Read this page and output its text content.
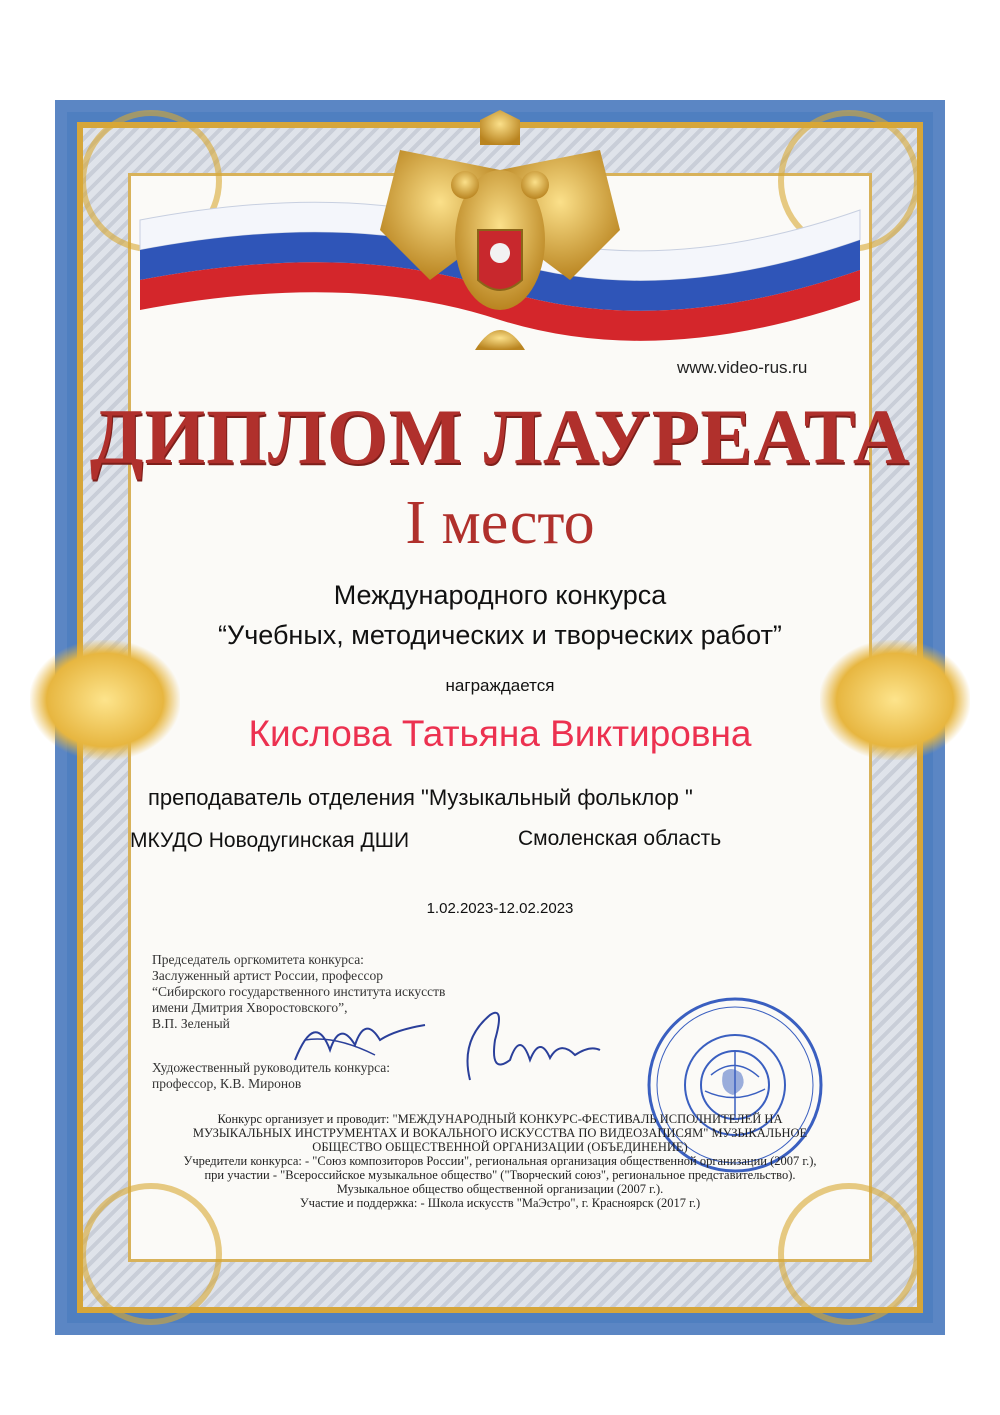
www.video-rus.ru
ДИПЛОМ ЛАУРЕАТА
I место
Международного конкурса
“Учебных, методических и творческих работ”
награждается
Кислова Татьяна Виктировна
преподаватель отделения "Музыкальный фольклор "
МКУДО Новодугинская ДШИ	Смоленская область
1.02.2023-12.02.2023
Председатель оргкомитета конкурса:
Заслуженный артист России, профессор
“Сибирского государственного института искусств
имени Дмитрия Хворостовского”,
В.П. Зеленый
Художественный руководитель конкурса:
профессор, К.В. Миронов
Конкурс организует и проводит: "МЕЖДУНАРОДНЫЙ КОНКУРС-ФЕСТИВАЛЬ ИСПОЛНИТЕЛЕЙ НА
МУЗЫКАЛЬНЫХ ИНСТРУМЕНТАХ И ВОКАЛЬНОГО ИСКУССТВА ПО ВИДЕОЗАПИСЯМ" МУЗЫКАЛЬНОЕ
ОБЩЕСТВО ОБЩЕСТВЕННОЙ ОРГАНИЗАЦИИ (ОБЪЕДИНЕНИЕ)
Учредители конкурса: - "Союз композиторов России", региональная организация общественной организации (2007 г.),
при участии - "Всероссийское музыкальное общество" ("Творческий союз", региональное представительство).
Музыкальное общество общественной организации (2007 г.).
Участие и поддержка: - Школа искусств "МаЭстро", г. Красноярск (2017 г.)
